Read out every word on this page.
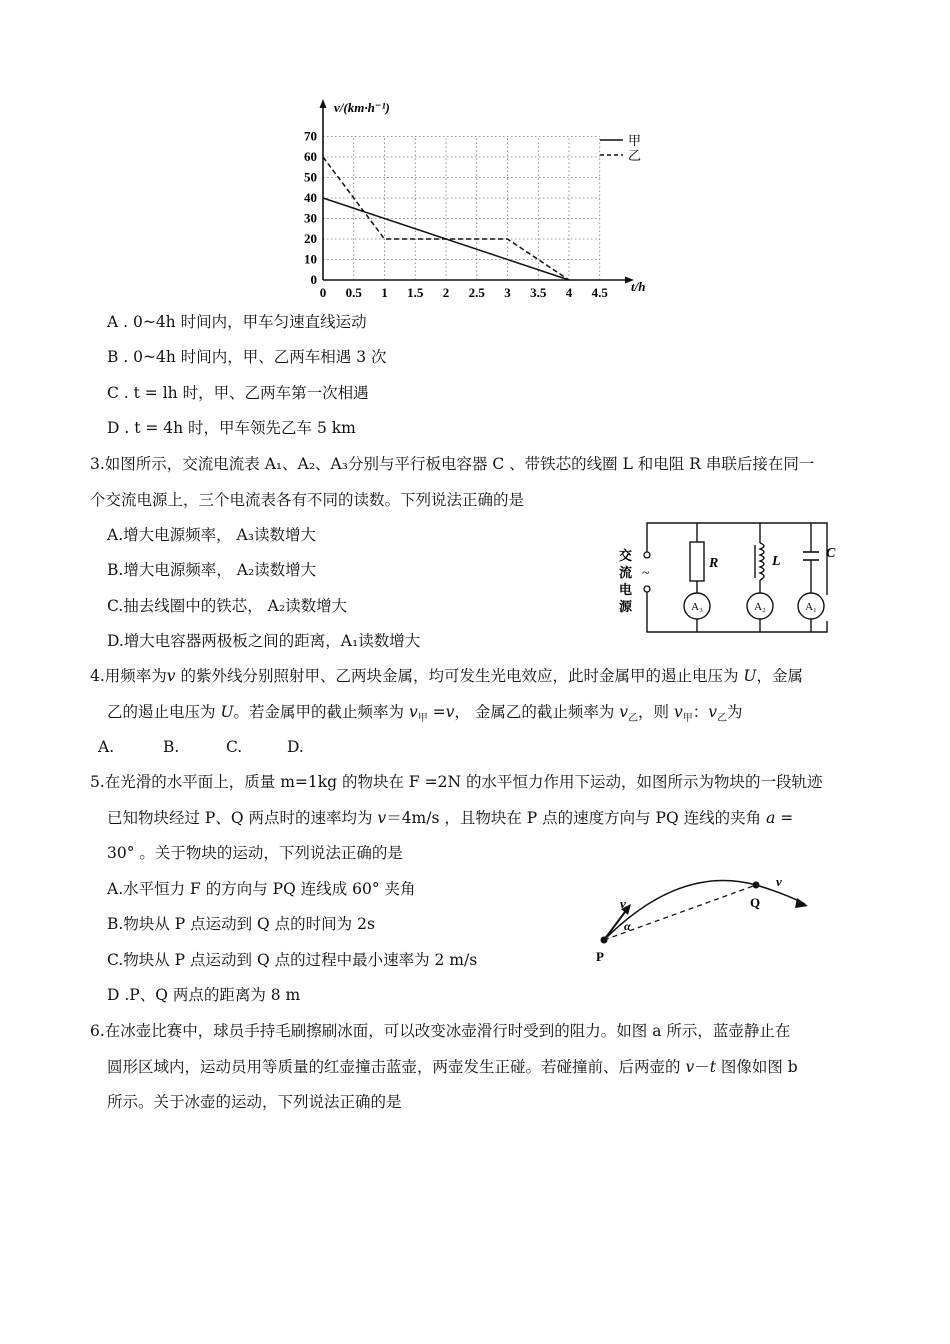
0 0.5 1 1.5 2 2.5 3 3.5 4 4.5
0
10
20
30
40
50
60
70
v/(km·h⁻¹)
t/h
甲
乙
A . 0~4h 时间内，甲车匀速直线运动
B . 0~4h 时间内，甲、乙两车相遇 3 次
C . t = lh 时，甲、乙两车第一次相遇
D . t = 4h 时，甲车领先乙车 5 km
3.如图所示，交流电流表 A₁、A₂、A₃分别与平行板电容器 C 、带铁芯的线圈 L 和电阻 R 串联后接在同一
个交流电源上，三个电流表各有不同的读数。下列说法正确的是
A.增大电源频率， A₃读数增大
B.增大电源频率， A₂读数增大
C.抽去线圈中的铁芯， A₂读数增大
D.增大电容器两极板之间的距离，A₁读数增大
~
交
流
电
源
R	L
C
A₃	A₂	A₁
4.用频率为v 的紫外线分别照射甲、乙两块金属，均可发生光电效应，此时金属甲的遏止电压为 U，金属
乙的遏止电压为 U。若金属甲的截止频率为 $v_甲 =v$， 金属乙的截止频率为 $v_乙$，则 $v_甲$：$v_乙$为
A.	B.	C.	D.
5.在光滑的水平面上，质量 m=1kg 的物块在 F =2N 的水平恒力作用下运动，如图所示为物块的一段轨迹
已知物块经过 P、Q 两点时的速率均为 v＝4m/s ，且物块在 P 点的速度方向与 PQ 连线的夹角 a =
30° 。关于物块的运动，下列说法正确的是
A.水平恒力 F 的方向与 PQ 连线成 60° 夹角
B.物块从 P 点运动到 Q 点的时间为 2s
C.物块从 P 点运动到 Q 点的过程中最小速率为 2 m/s
D .P、Q 两点的距离为 8 m
P
Q
v
v
α
6.在冰壶比赛中，球员手持毛刷擦刷冰面，可以改变冰壶滑行时受到的阻力。如图 a 所示，蓝壶静止在
圆形区域内，运动员用等质量的红壶撞击蓝壶，两壶发生正碰。若碰撞前、后两壶的 v－t 图像如图 b
所示。关于冰壶的运动，下列说法正确的是
